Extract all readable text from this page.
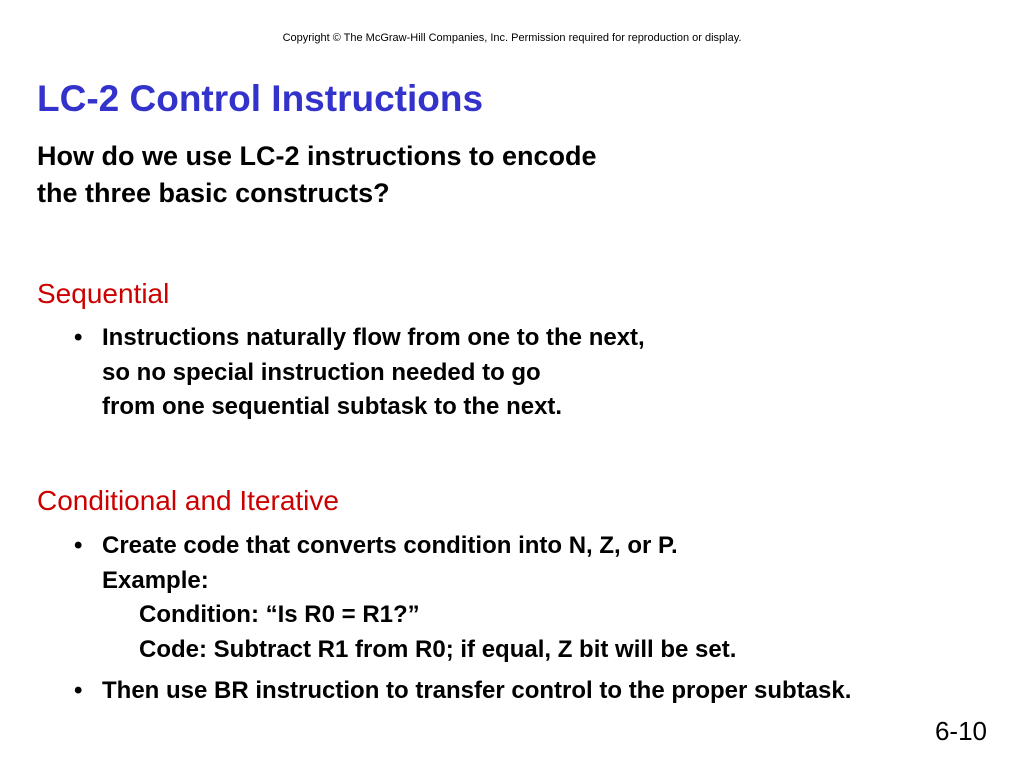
Copyright © The McGraw-Hill Companies, Inc. Permission required for reproduction or display.
LC-2 Control Instructions

How do we use LC-2 instructions to encode
the three basic constructs?

Sequential
• Instructions naturally flow from one to the next,
so no special instruction needed to go
from one sequential subtask to the next.
Conditional and Iterative
• Create code that converts condition into N, Z, or P.
Example:
Condition: “Is R0 = R1?”
Code: Subtract R1 from R0; if equal, Z bit will be set.
• Then use BR instruction to transfer control to the proper subtask.
6-10
